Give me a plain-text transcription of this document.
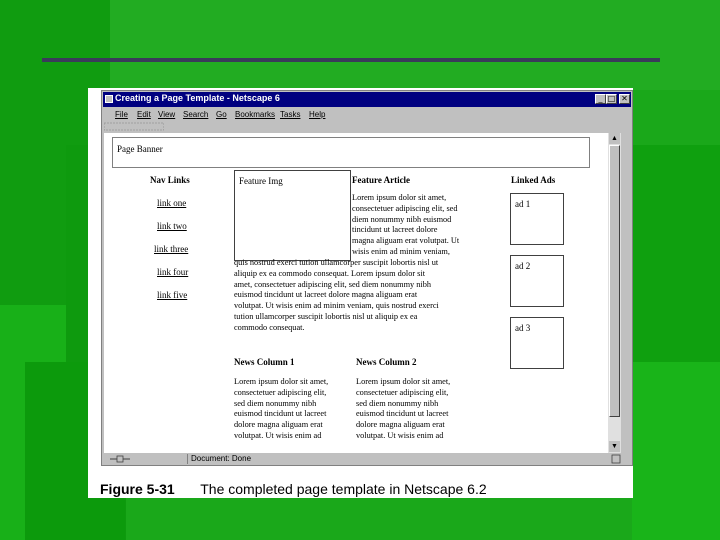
Creating a Page Template - Netscape 6	_ □ ✕
File Edit View Search Go Bookmarks Tasks Help
Page Banner
Nav Links
link one
link two
link three
link four
link five
Feature Img	Feature Article
Lorem ipsum dolor sit amet,
consectetuer adipiscing elit, sed
diem nonummy nibh euismod
tincidunt ut lacreet dolore
magna aliguam erat volutpat. Ut
wisis enim ad minim veniam,
quis nostrud exerci tution ullamcorper suscipit lobortis nisl ut
aliquip ex ea commodo consequat. Lorem ipsum dolor sit
amet, consectetuer adipiscing elit, sed diem nonummy nibh
euismod tincidunt ut lacreet dolore magna aliguam erat
volutpat. Ut wisis enim ad minim veniam, quis nostrud exerci
tution ullamcorper suscipit lobortis nisl ut aliquip ex ea
commodo consequat.
Linked Ads
ad 1
ad 2
ad 3
News Column 1
Lorem ipsum dolor sit amet,
consectetuer adipiscing elit,
sed diem nonummy nibh
euismod tincidunt ut lacreet
dolore magna aliguam erat
volutpat. Ut wisis enim ad
News Column 2
Lorem ipsum dolor sit amet,
consectetuer adipiscing elit,
sed diem nonummy nibh
euismod tincidunt ut lacreet
dolore magna aliguam erat
volutpat. Ut wisis enim ad
▲
▼
Document: Done
Figure 5-31 The completed page template in Netscape 6.2
